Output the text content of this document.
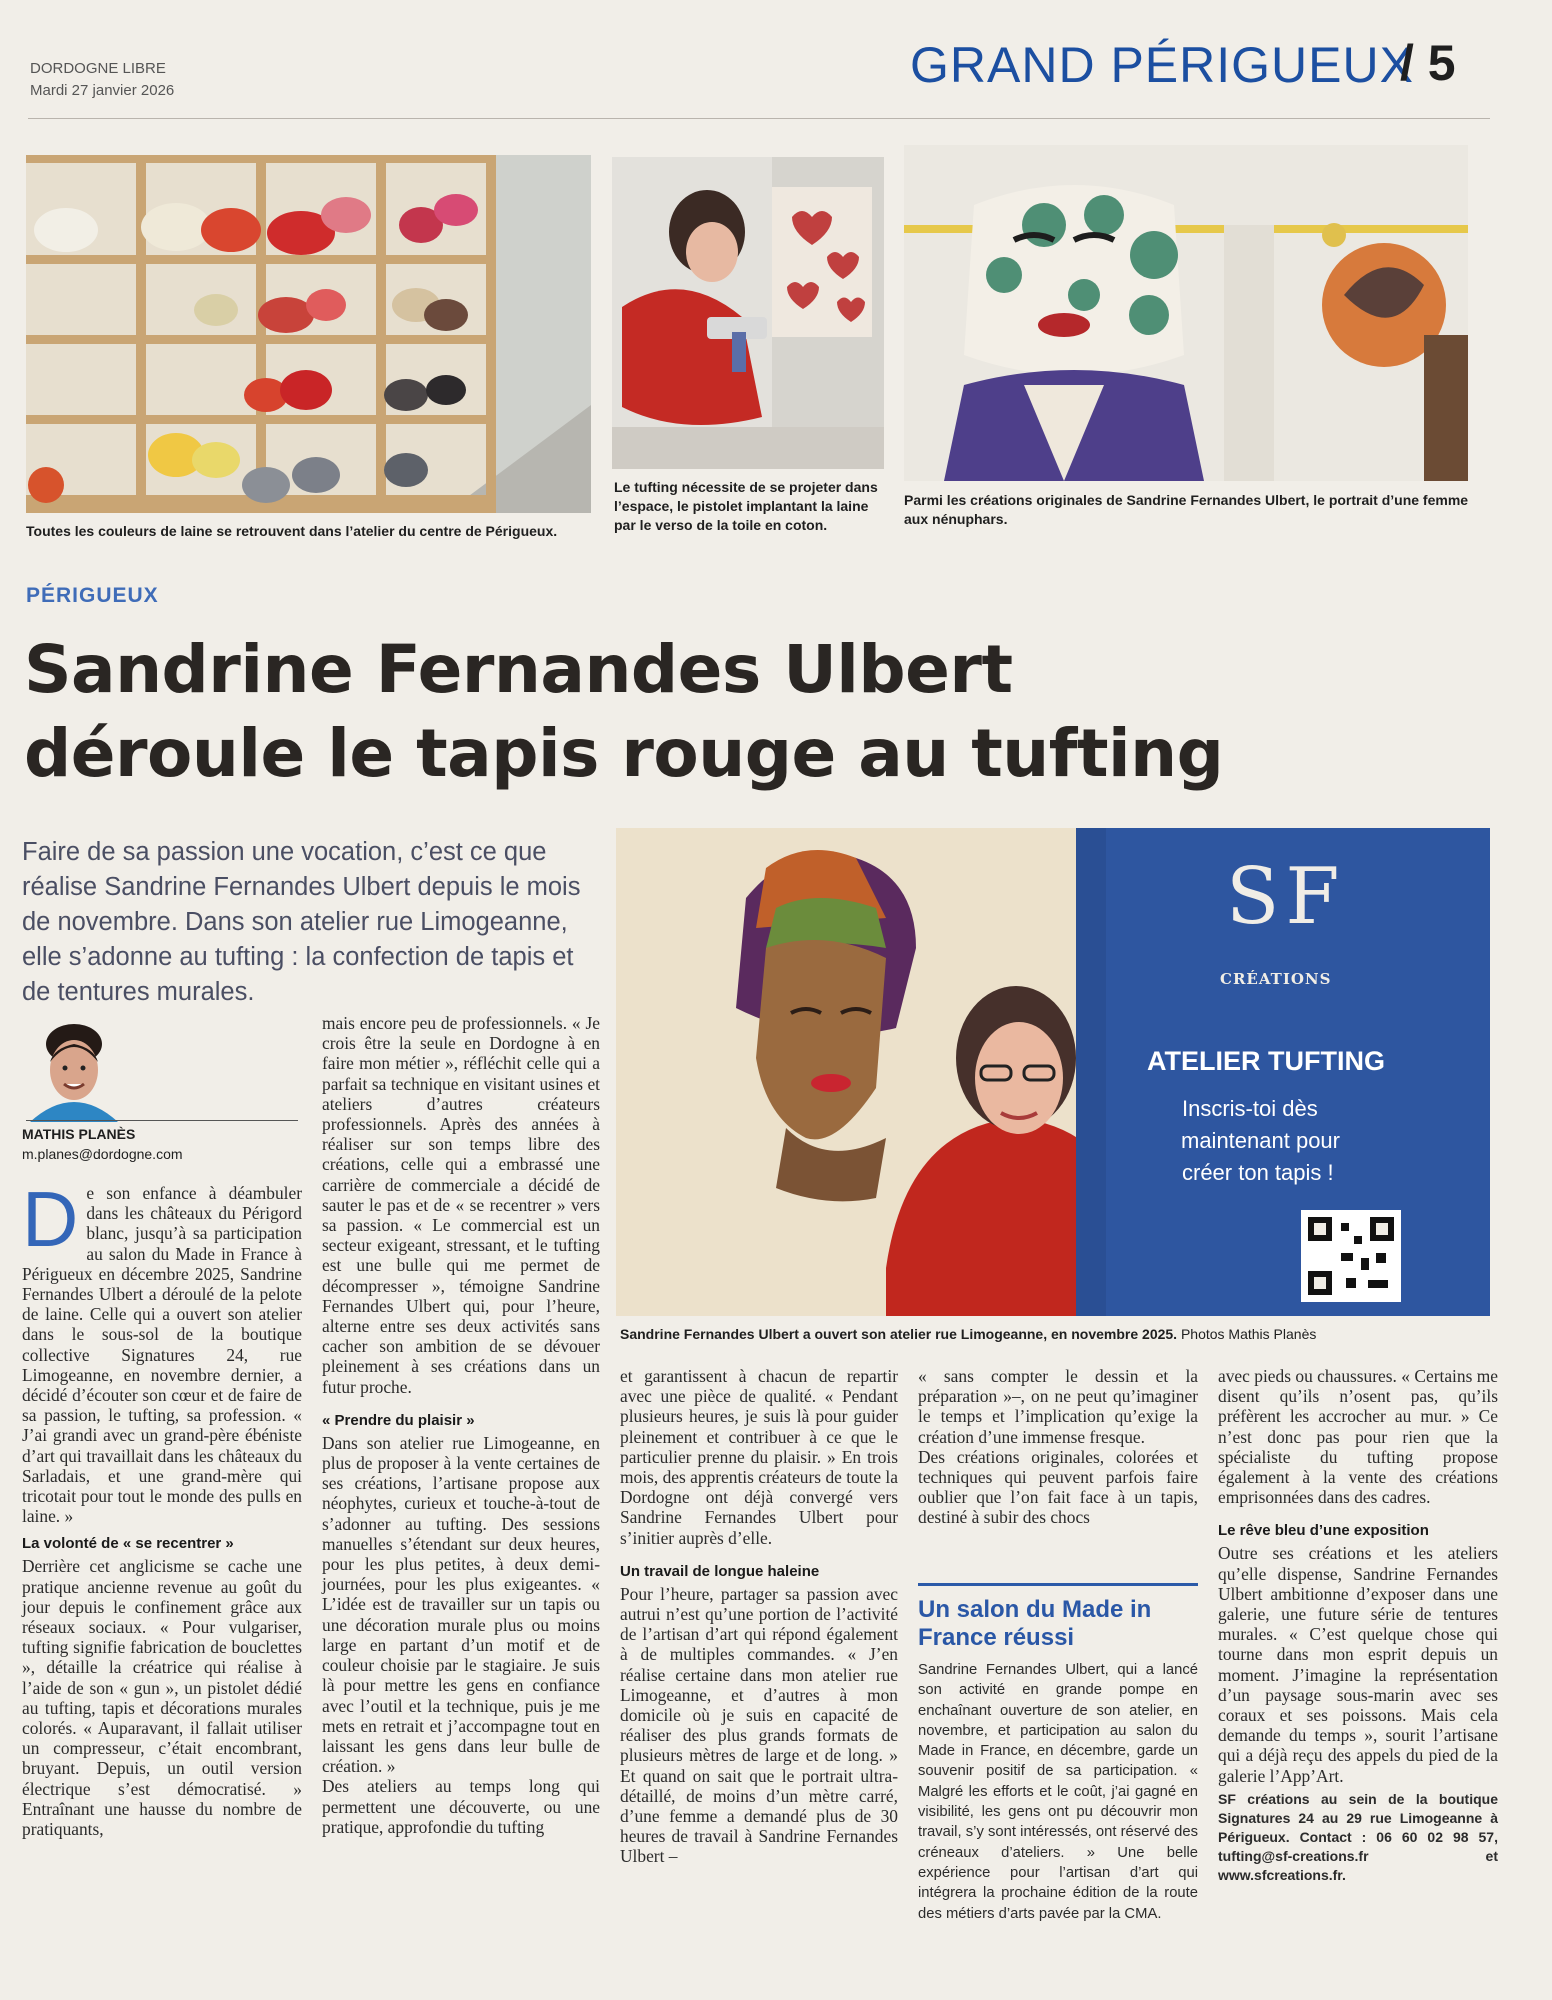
DORDOGNE LIBRE
Mardi 27 janvier 2026	GRAND PÉRIGUEUX
/ 5
Toutes les couleurs de laine se retrouvent dans l’atelier du centre de Périgueux.
Le tufting nécessite de se projeter dans l’espace, le pistolet implantant la laine par le verso de la toile en coton.
Parmi les créations originales de Sandrine Fernandes Ulbert, le portrait d’une femme aux nénuphars.
PÉRIGUEUX
Sandrine Fernandes Ulbert
déroule le tapis rouge au tufting
Faire de sa passion une vocation, c’est ce que réalise Sandrine Fernandes Ulbert depuis le mois de novembre. Dans son atelier rue Limogeanne, elle s’adonne au tufting : la confection de tapis et de tentures murales.
SF
CRÉATIONS
ATELIER TUFTING
Inscris-toi dès
maintenant pour
créer ton tapis !
Sandrine Fernandes Ulbert a ouvert son atelier rue Limogeanne, en novembre 2025. Photos Mathis Planès
MATHIS PLANÈS
m.planes@dordogne.com
D e son enfance à déambuler dans les châteaux du Périgord blanc, jusqu’à sa participation au salon du Made in France à Périgueux en décembre 2025, Sandrine Fernandes Ulbert a déroulé de la pelote de laine. Celle qui a ouvert son atelier dans le sous-sol de la boutique collective Signatures 24, rue Limogeanne, en novembre dernier, a décidé d’écouter son cœur et de faire de sa passion, le tufting, sa profession. « J’ai grandi avec un grand-père ébéniste d’art qui travaillait dans les châteaux du Sarladais, et une grand-mère qui tricotait pour tout le monde des pulls en laine. »

La volonté de « se recentrer »

Derrière cet anglicisme se cache une pratique ancienne revenue au goût du jour depuis le confinement grâce aux réseaux sociaux. « Pour vulgariser, tufting signifie fabrication de bouclettes », détaille la créatrice qui réalise à l’aide de son « gun », un pistolet dédié au tufting, tapis et décorations murales colorés. « Auparavant, il fallait utiliser un compresseur, c’était encombrant, bruyant. Depuis, un outil version électrique s’est démocratisé. » Entraînant une hausse du nombre de pratiquants,

mais encore peu de professionnels. « Je crois être la seule en Dordogne à en faire mon métier », réfléchit celle qui a parfait sa technique en visitant usines et ateliers d’autres créateurs professionnels. Après des années à réaliser sur son temps libre des créations, celle qui a embrassé une carrière de commerciale a décidé de sauter le pas et de « se recentrer » vers sa passion. « Le commercial est un secteur exigeant, stressant, et le tufting est une bulle qui me permet de décompresser », témoigne Sandrine Fernandes Ulbert qui, pour l’heure, alterne entre ses deux activités sans cacher son ambition de se dévouer pleinement à ses créations dans un futur proche.

« Prendre du plaisir »

Dans son atelier rue Limogeanne, en plus de proposer à la vente certaines de ses créations, l’artisane propose aux néophytes, curieux et touche-à-tout de s’adonner au tufting. Des sessions manuelles s’étendant sur deux heures, pour les plus petites, à deux demi-journées, pour les plus exigeantes. « L’idée est de travailler sur un tapis ou une décoration murale plus ou moins large en partant d’un motif et de couleur choisie par le stagiaire. Je suis là pour mettre les gens en confiance avec l’outil et la technique, puis je me mets en retrait et j’accompagne tout en laissant les gens dans leur bulle de création. »

Des ateliers au temps long qui permettent une découverte, ou une pratique, approfondie du tufting

et garantissent à chacun de repartir avec une pièce de qualité. « Pendant plusieurs heures, je suis là pour guider pleinement et contribuer à ce que le particulier prenne du plaisir. » En trois mois, des apprentis créateurs de toute la Dordogne ont déjà convergé vers Sandrine Fernandes Ulbert pour s’initier auprès d’elle.

Un travail de longue haleine

Pour l’heure, partager sa passion avec autrui n’est qu’une portion de l’activité de l’artisan d’art qui répond également à de multiples commandes. « J’en réalise certaine dans mon atelier rue Limogeanne, et d’autres à mon domicile où je suis en capacité de réaliser des plus grands formats de plusieurs mètres de large et de long. » Et quand on sait que le portrait ultra-détaillé, de moins d’un mètre carré, d’une femme a demandé plus de 30 heures de travail à Sandrine Fernandes Ulbert –

« sans compter le dessin et la préparation »–, on ne peut qu’imaginer le temps et l’implication qu’exige la création d’une immense fresque.

Des créations originales, colorées et techniques qui peuvent parfois faire oublier que l’on fait face à un tapis, destiné à subir des chocs

Un salon du Made in France réussi

Sandrine Fernandes Ulbert, qui a lancé son activité en grande pompe en enchaînant ouverture de son atelier, en novembre, et participation au salon du Made in France, en décembre, garde un souvenir positif de sa participation. « Malgré les efforts et le coût, j’ai gagné en visibilité, les gens ont pu découvrir mon travail, s’y sont intéressés, ont réservé des créneaux d’ateliers. » Une belle expérience pour l’artisan d’art qui intégrera la prochaine édition de la route des métiers d’arts pavée par la CMA.

avec pieds ou chaussures. « Certains me disent qu’ils n’osent pas, qu’ils préfèrent les accrocher au mur. » Ce n’est donc pas pour rien que la spécialiste du tufting propose également à la vente des créations emprisonnées dans des cadres.

Le rêve bleu d’une exposition

Outre ses créations et les ateliers qu’elle dispense, Sandrine Fernandes Ulbert ambitionne d’exposer dans une galerie, une future série de tentures murales. « C’est quelque chose qui tourne dans mon esprit depuis un moment. J’imagine la représentation d’un paysage sous-marin avec ses coraux et ses poissons. Mais cela demande du temps », sourit l’artisane qui a déjà reçu des appels du pied de la galerie l’App’Art.

SF créations au sein de la boutique Signatures 24 au 29 rue Limogeanne à Périgueux. Contact : 06 60 02 98 57, tufting@sf-creations.fr et www.sfcreations.fr.
